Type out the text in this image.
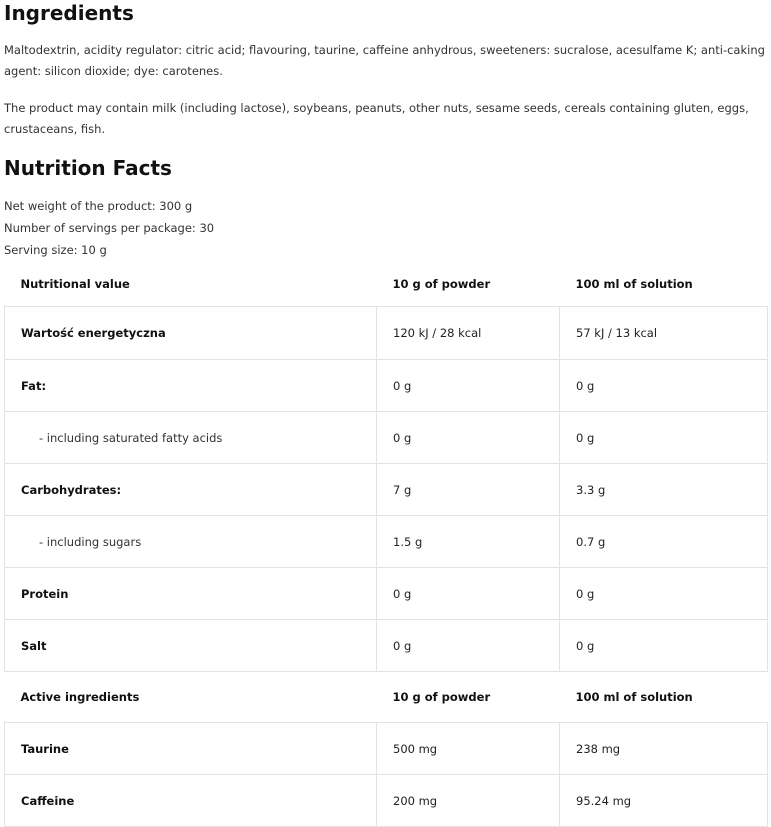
Ingredients
Maltodextrin, acidity regulator: citric acid; flavouring, taurine, caffeine anhydrous, sweeteners: sucralose, acesulfame K; anti-caking agent: silicon dioxide; dye: carotenes.
The product may contain milk (including lactose), soybeans, peanuts, other nuts, sesame seeds, cereals containing gluten, eggs, crustaceans, fish.
Nutrition Facts
Net weight of the product: 300 g
Number of servings per package: 30
Serving size: 10 g
Nutritional value	10 g of powder	100 ml of solution
Wartość energetyczna	120 kJ / 28 kcal	57 kJ / 13 kcal
Fat:	0 g	0 g
- including saturated fatty acids	0 g	0 g
Carbohydrates:	7 g	3.3 g
- including sugars	1.5 g	0.7 g
Protein	0 g	0 g
Salt	0 g	0 g
Active ingredients	10 g of powder	100 ml of solution
Taurine	500 mg	238 mg
Caffeine	200 mg	95.24 mg
